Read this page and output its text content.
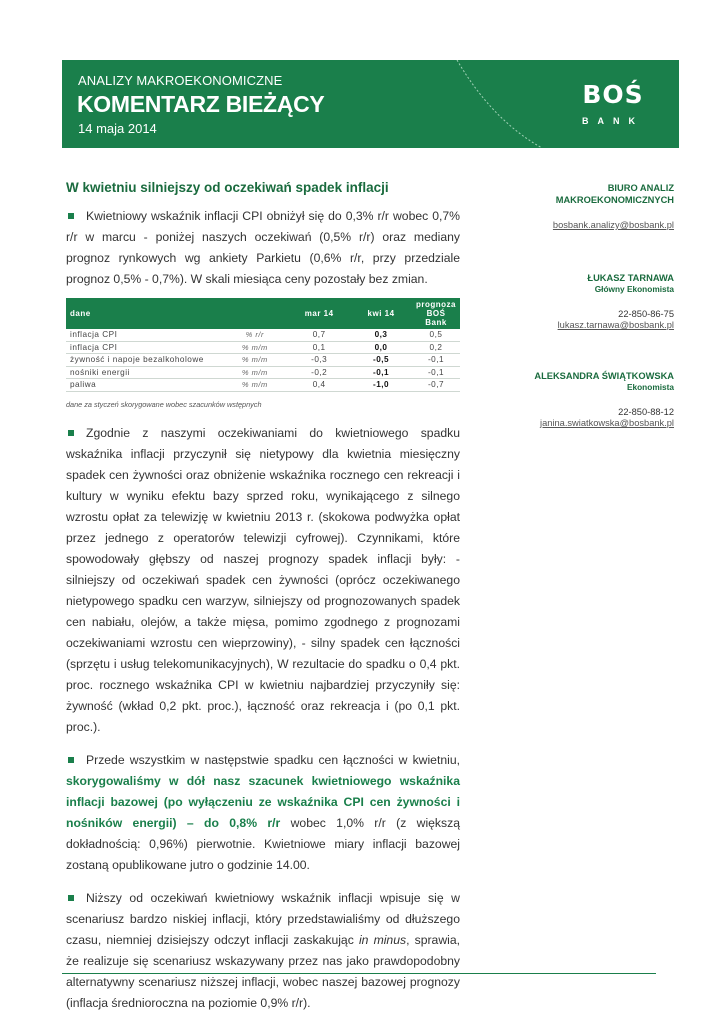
ANALIZY MAKROEKONOMICZNE
KOMENTARZ BIEŻĄCY
14 maja 2014
BOŚ
BANK
W kwietniu silniejszy od oczekiwań spadek inflacji

Kwietniowy wskaźnik inflacji CPI obniżył się do 0,3% r/r wobec 0,7% r/r w marcu - poniżej naszych oczekiwań (0,5% r/r) oraz mediany prognoz rynkowych wg ankiety Parkietu (0,6% r/r, przy przedziale prognoz 0,5% - 0,7%). W skali miesiąca ceny pozostały bez zmian.

dane		mar 14	kwi 14	prognoza BOŚ Bank
inflacja CPI	% r/r	0,7	0,3	0,5
inflacja CPI	% m/m	0,1	0,0	0,2
żywność i napoje bezalkoholowe	% m/m	-0,3	-0,5	-0,1
nośniki energii	% m/m	-0,2	-0,1	-0,1
paliwa	% m/m	0,4	-1,0	-0,7
dane za styczeń skorygowane wobec szacunków wstępnych

Zgodnie z naszymi oczekiwaniami do kwietniowego spadku wskaźnika inflacji przyczynił się nietypowy dla kwietnia miesięczny spadek cen żywności oraz obniżenie wskaźnika rocznego cen rekreacji i kultury w wyniku efektu bazy sprzed roku, wynikającego z silnego wzrostu opłat za telewizję w kwietniu 2013 r. (skokowa podwyżka opłat przez jednego z operatorów telewizji cyfrowej). Czynnikami, które spowodowały głębszy od naszej prognozy spadek inflacji były: - silniejszy od oczekiwań spadek cen żywności (oprócz oczekiwanego nietypowego spadku cen warzyw, silniejszy od prognozowanych spadek cen nabiału, olejów, a także mięsa, pomimo zgodnego z prognozami oczekiwaniami wzrostu cen wieprzowiny), - silny spadek cen łączności (sprzętu i usług telekomunikacyjnych), W rezultacie do spadku o 0,4 pkt. proc. rocznego wskaźnika CPI w kwietniu najbardziej przyczyniły się: żywność (wkład 0,2 pkt. proc.), łączność oraz rekreacja i (po 0,1 pkt. proc.).

Przede wszystkim w następstwie spadku cen łączności w kwietniu, skorygowaliśmy w dół nasz szacunek kwietniowego wskaźnika inflacji bazowej (po wyłączeniu ze wskaźnika CPI cen żywności i nośników energii) – do 0,8% r/r wobec 1,0% r/r (z większą dokładnością: 0,96%) pierwotnie. Kwietniowe miary inflacji bazowej zostaną opublikowane jutro o godzinie 14.00.

Niższy od oczekiwań kwietniowy wskaźnik inflacji wpisuje się w scenariusz bardzo niskiej inflacji, który przedstawialiśmy od dłuższego czasu, niemniej dzisiejszy odczyt inflacji zaskakując in minus, sprawia, że realizuje się scenariusz wskazywany przez nas jako prawdopodobny alternatywny scenariusz niższej inflacji, wobec naszej bazowej prognozy (inflacja średnioroczna na poziomie 0,9% r/r).

BIURO ANALIZ
MAKROEKONOMICZNYCH
bosbank.analizy@bosbank.pl
ŁUKASZ TARNAWA
Główny Ekonomista
22-850-86-75
lukasz.tarnawa@bosbank.pl
ALEKSANDRA ŚWIĄTKOWSKA
Ekonomista
22-850-88-12
janina.swiatkowska@bosbank.pl
